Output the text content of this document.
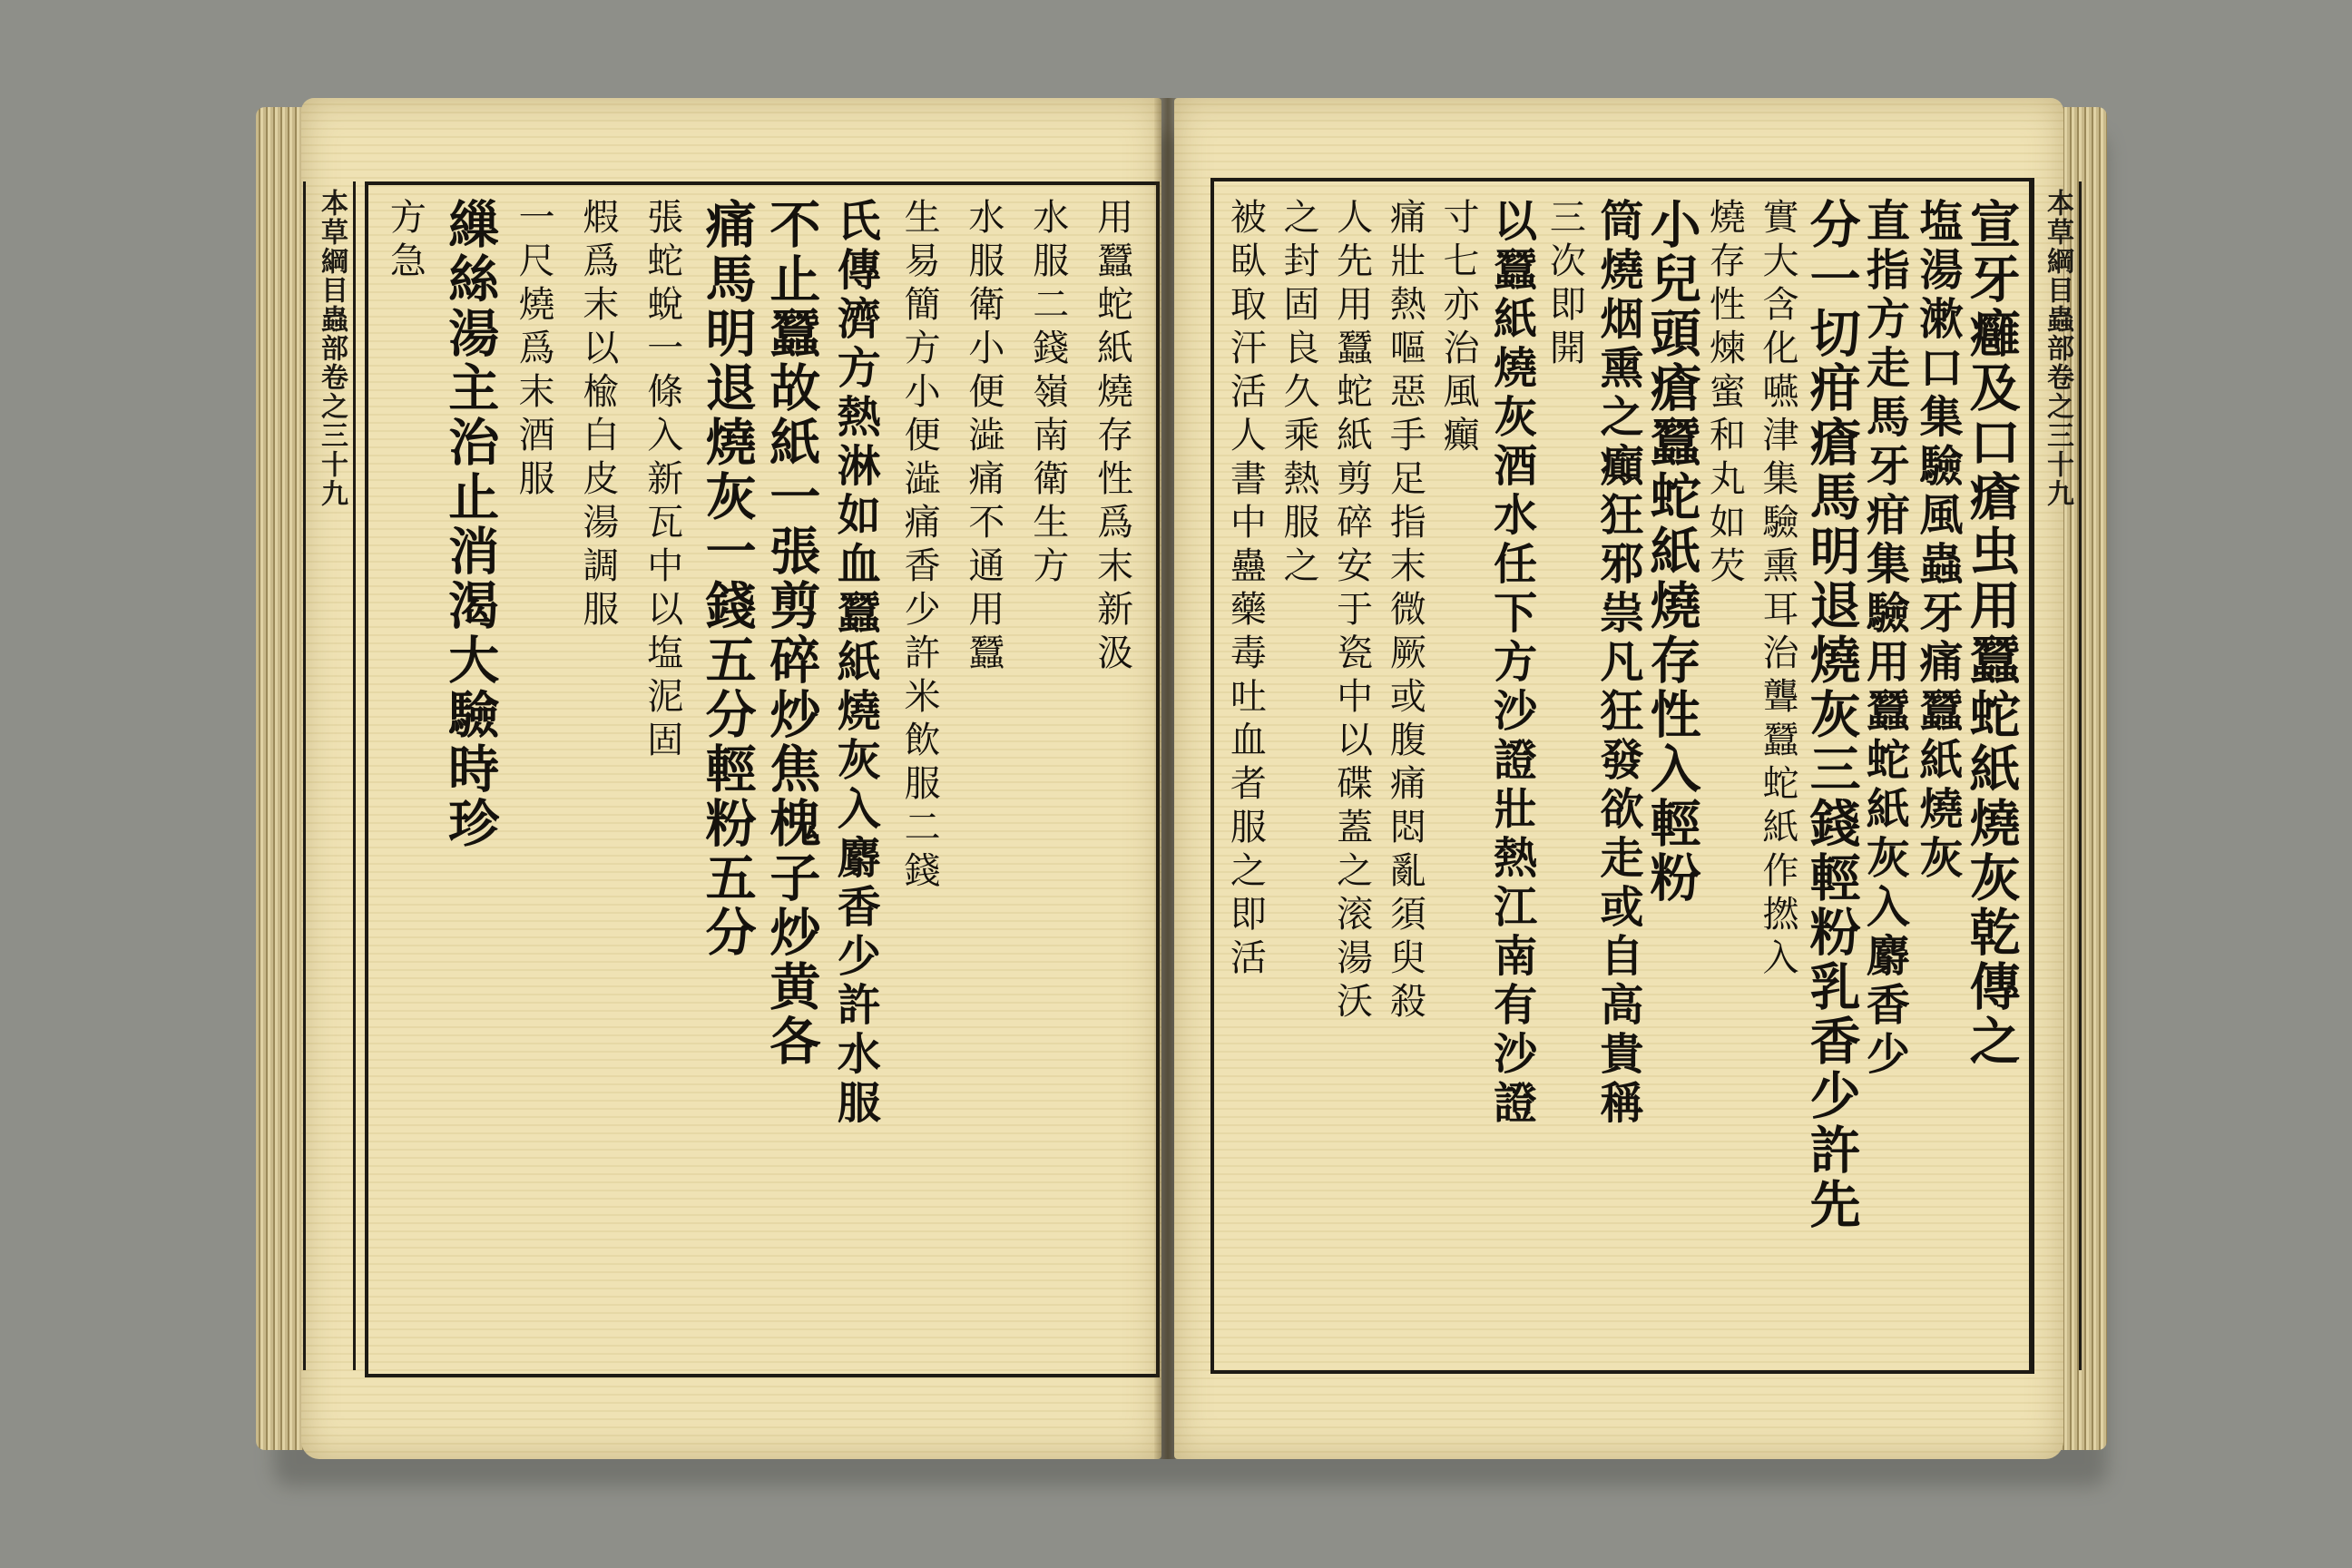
本草綱目蟲部卷之三十九	用蠶蛇紙燒存性爲末新汲
水服二錢嶺南衛生方
水服衛小便澁痛不通用蠶
生易簡方小便澁痛香少許米飲服二錢
氏傳濟方熱淋如血蠶紙燒灰入麝香少許水服
不止蠶故紙一張剪碎炒焦槐子炒黄各
痛馬明退燒灰一錢五分輕粉五分
張蛇蛻一條入新瓦中以塩泥固
煆爲末以楡白皮湯調服
一尺燒爲末酒服
繅絲湯主治止消渴大驗時珍
方急	宣牙癰及口瘡虫用蠶蛇紙燒灰乾傳之
塩湯漱口集驗風蟲牙痛蠶紙燒灰
直指方走馬牙疳集驗用蠶蛇紙灰入麝香少
分一切疳瘡馬明退燒灰三錢輕粉乳香少許先
實大含化嚥津集驗熏耳治聾蠶蛇紙作撚入
燒存性煉蜜和丸如芡
小兒頭瘡蠶蛇紙燒存性入輕粉
筒燒烟熏之癲狂邪祟凡狂發欲走或自高貴稱
三次即開
以蠶紙燒灰酒水任下方沙證壯熱江南有沙證
寸七亦治風癲
痛壯熱嘔惡手足指末微厥或腹痛悶亂須臾殺
人先用蠶蛇紙剪碎安于瓷中以碟蓋之滚湯沃
之封固良久乘熱服之
被臥取汗活人書中蠱藥毒吐血者服之即活	本草綱目蟲部卷之三十九
